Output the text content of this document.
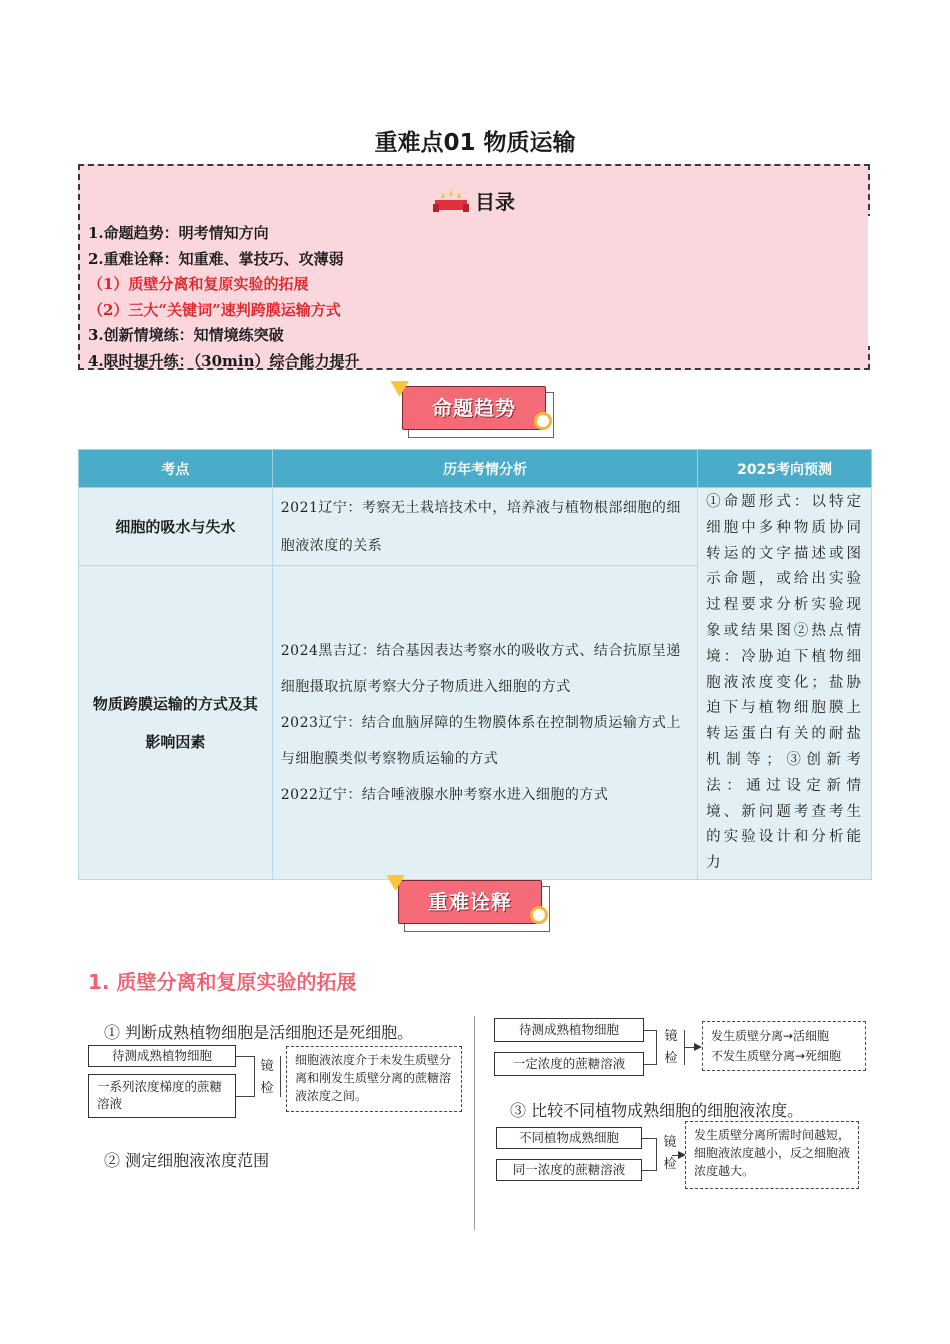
重难点01 物质运输
目录
1.命题趋势：明考情知方向
2.重难诠释：知重难、掌技巧、攻薄弱
（1）质壁分离和复原实验的拓展
（2）三大“关键词”速判跨膜运输方式
3.创新情境练：知情境练突破
4.限时提升练：（30min）综合能力提升
命题趋势
考点	历年考情分析	2025考向预测
细胞的吸水与失水	2021辽宁：考察无土栽培技术中，培养液与植物根部细胞的细胞液浓度的关系	①命题形式：以特定细胞中多种物质协同转运的文字描述或图示命题，或给出实验过程要求分析实验现象或结果图②热点情境：冷胁迫下植物细胞液浓度变化；盐胁迫下与植物细胞膜上转运蛋白有关的耐盐机制等；③创新考法：通过设定新情境、新问题考查考生的实验设计和分析能力
物质跨膜运输的方式及其影响因素	2024黑吉辽：结合基因表达考察水的吸收方式、结合抗原呈递细胞摄取抗原考察大分子物质进入细胞的方式
2023辽宁：结合血脑屏障的生物膜体系在控制物质运输方式上与细胞膜类似考察物质运输的方式
2022辽宁：结合唾液腺水肿考察水进入细胞的方式	
重难诠释
1. 质壁分离和复原实验的拓展
待测成熟植物细胞
一定浓度的蔗糖溶液
镜检
发生质壁分离→活细胞
不发生质壁分离→死细胞
① 判断成熟植物细胞是活细胞还是死细胞。
待测成熟植物细胞
一系列浓度梯度的蔗糖溶液
镜检
细胞液浓度介于未发生质壁分离和刚发生质壁分离的蔗糖溶液浓度之间。
② 测定细胞液浓度范围
③ 比较不同植物成熟细胞的细胞液浓度。
不同植物成熟细胞
同一浓度的蔗糖溶液
镜检
发生质壁分离所需时间越短，细胞液浓度越小，反之细胞液浓度越大。
